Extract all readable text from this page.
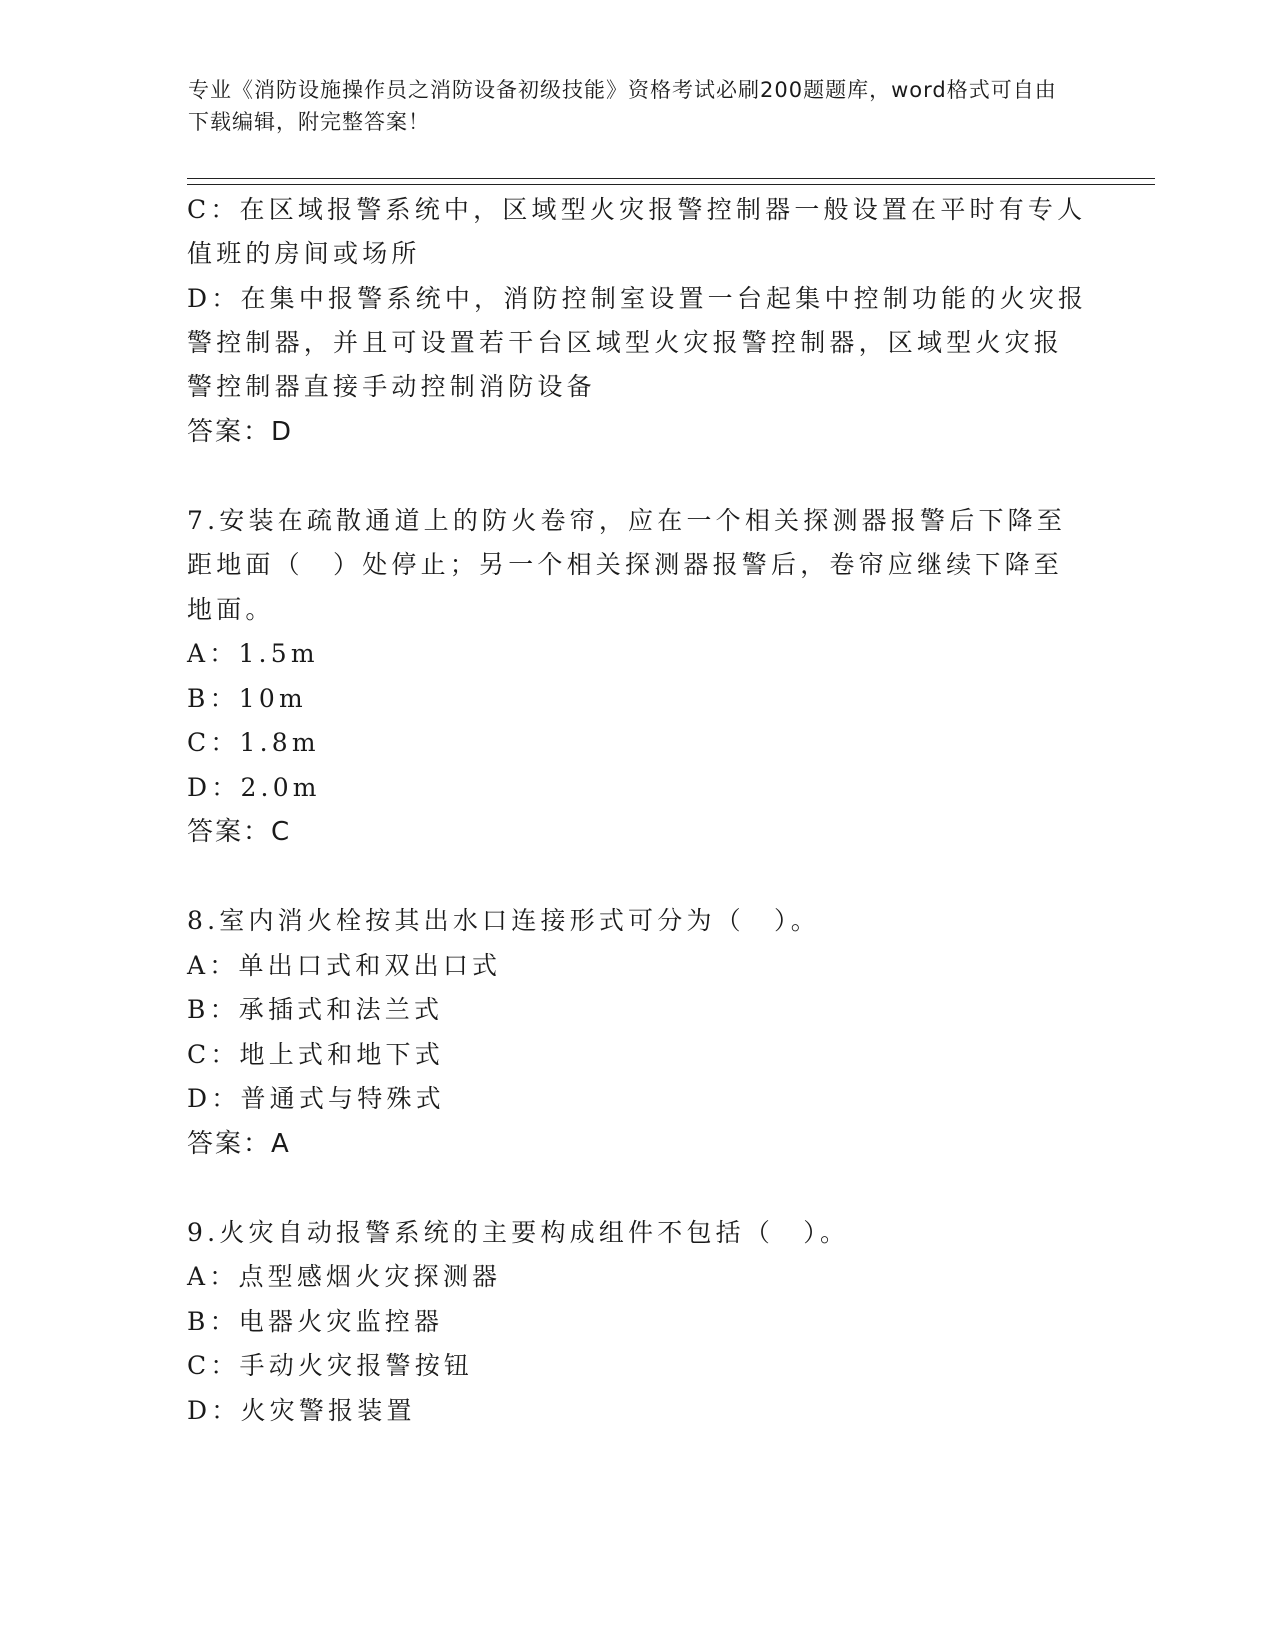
专业《消防设施操作员之消防设备初级技能》资格考试必刷200题题库，word格式可自由下载编辑，附完整答案！
C：在区域报警系统中，区域型火灾报警控制器一般设置在平时有专人
值班的房间或场所
D：在集中报警系统中，消防控制室设置一台起集中控制功能的火灾报
警控制器，并且可设置若干台区域型火灾报警控制器，区域型火灾报
警控制器直接手动控制消防设备
答案：D
7.安装在疏散通道上的防火卷帘，应在一个相关探测器报警后下降至
距地面（　）处停止；另一个相关探测器报警后，卷帘应继续下降至
地面。
A：1.5m
B：10m
C：1.8m
D：2.0m
答案：C
8.室内消火栓按其出水口连接形式可分为（　）。
A：单出口式和双出口式
B：承插式和法兰式
C：地上式和地下式
D：普通式与特殊式
答案：A
9.火灾自动报警系统的主要构成组件不包括（　）。
A：点型感烟火灾探测器
B：电器火灾监控器
C：手动火灾报警按钮
D：火灾警报装置
